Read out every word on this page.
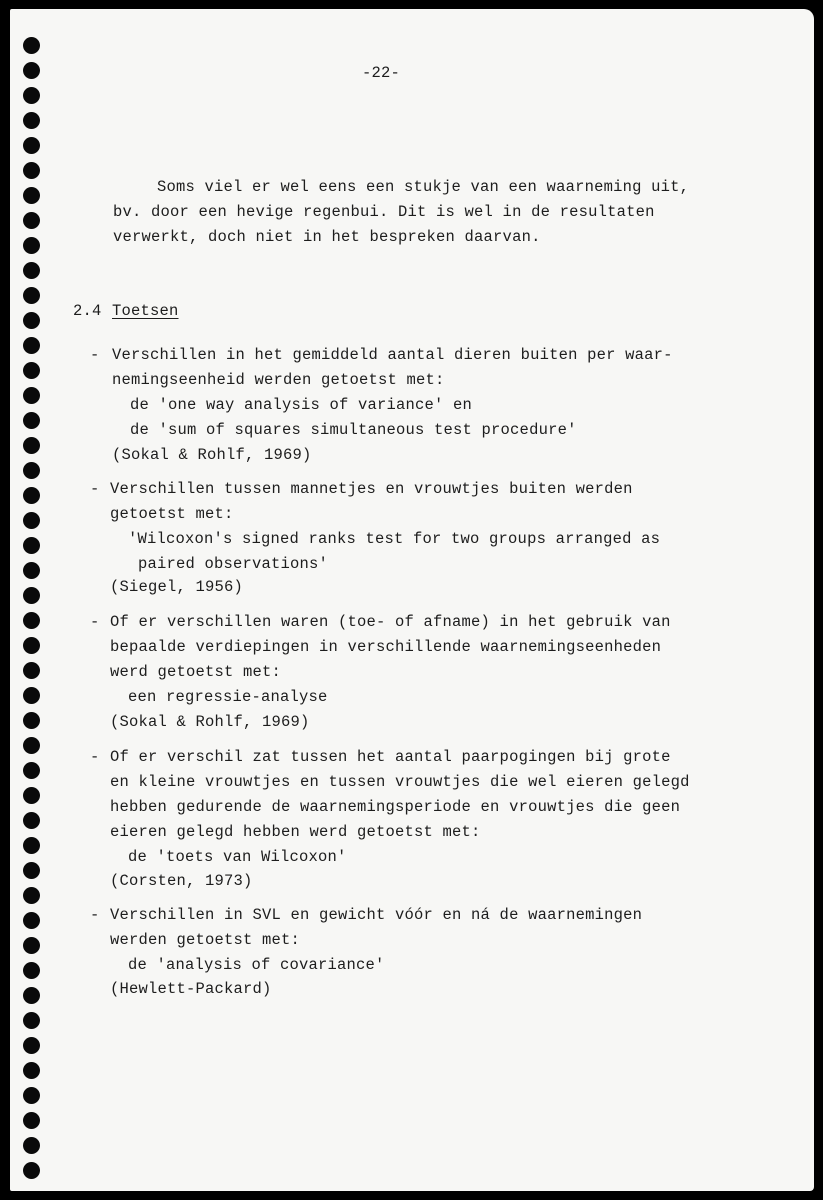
-22-

Soms viel er wel eens een stukje van een waarneming uit,

bv. door een hevige regenbui. Dit is wel in de resultaten

verwerkt, doch niet in het bespreken daarvan.

2.4 Toetsen

- Verschillen in het gemiddeld aantal dieren buiten per waar-

nemingseenheid werden getoetst met:

de 'one way analysis of variance' en

de 'sum of squares simultaneous test procedure'

(Sokal & Rohlf, 1969)

- Verschillen tussen mannetjes en vrouwtjes buiten werden

getoetst met:

'Wilcoxon's signed ranks test for two groups arranged as

paired observations'

(Siegel, 1956)

- Of er verschillen waren (toe- of afname) in het gebruik van

bepaalde verdiepingen in verschillende waarnemingseenheden

werd getoetst met:

een regressie-analyse

(Sokal & Rohlf, 1969)

- Of er verschil zat tussen het aantal paarpogingen bij grote

en kleine vrouwtjes en tussen vrouwtjes die wel eieren gelegd

hebben gedurende de waarnemingsperiode en vrouwtjes die geen

eieren gelegd hebben werd getoetst met:

de 'toets van Wilcoxon'

(Corsten, 1973)

- Verschillen in SVL en gewicht vóór en ná de waarnemingen

werden getoetst met:

de 'analysis of covariance'

(Hewlett-Packard)
